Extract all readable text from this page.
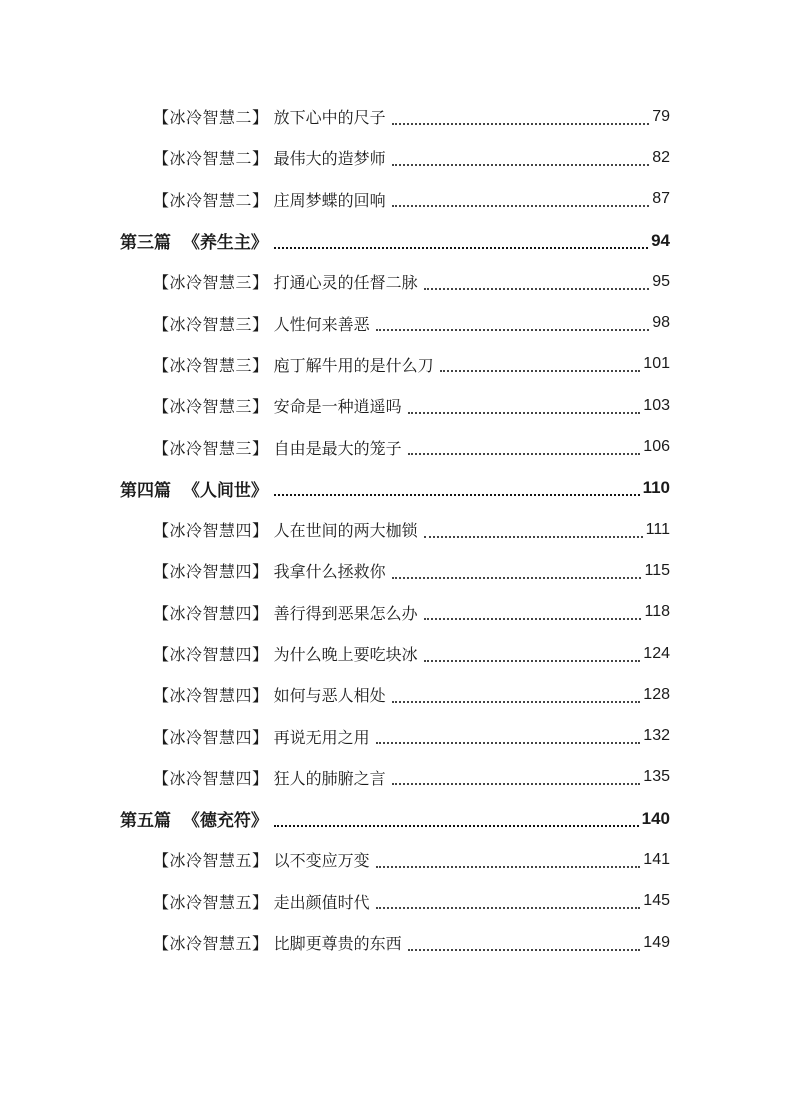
【冰冷智慧二】 放下心中的尺子	79
【冰冷智慧二】 最伟大的造梦师	82
【冰冷智慧二】 庄周梦蝶的回响	87
第三篇 《养生主》	94
【冰冷智慧三】 打通心灵的任督二脉	95
【冰冷智慧三】 人性何来善恶	98
【冰冷智慧三】 庖丁解牛用的是什么刀	101
【冰冷智慧三】 安命是一种逍遥吗	103
【冰冷智慧三】 自由是最大的笼子	106
第四篇 《人间世》	110
【冰冷智慧四】 人在世间的两大枷锁	111
【冰冷智慧四】 我拿什么拯救你	115
【冰冷智慧四】 善行得到恶果怎么办	118
【冰冷智慧四】 为什么晚上要吃块冰	124
【冰冷智慧四】 如何与恶人相处	128
【冰冷智慧四】 再说无用之用	132
【冰冷智慧四】 狂人的肺腑之言	135
第五篇 《德充符》	140
【冰冷智慧五】 以不变应万变	141
【冰冷智慧五】 走出颜值时代	145
【冰冷智慧五】 比脚更尊贵的东西	149
